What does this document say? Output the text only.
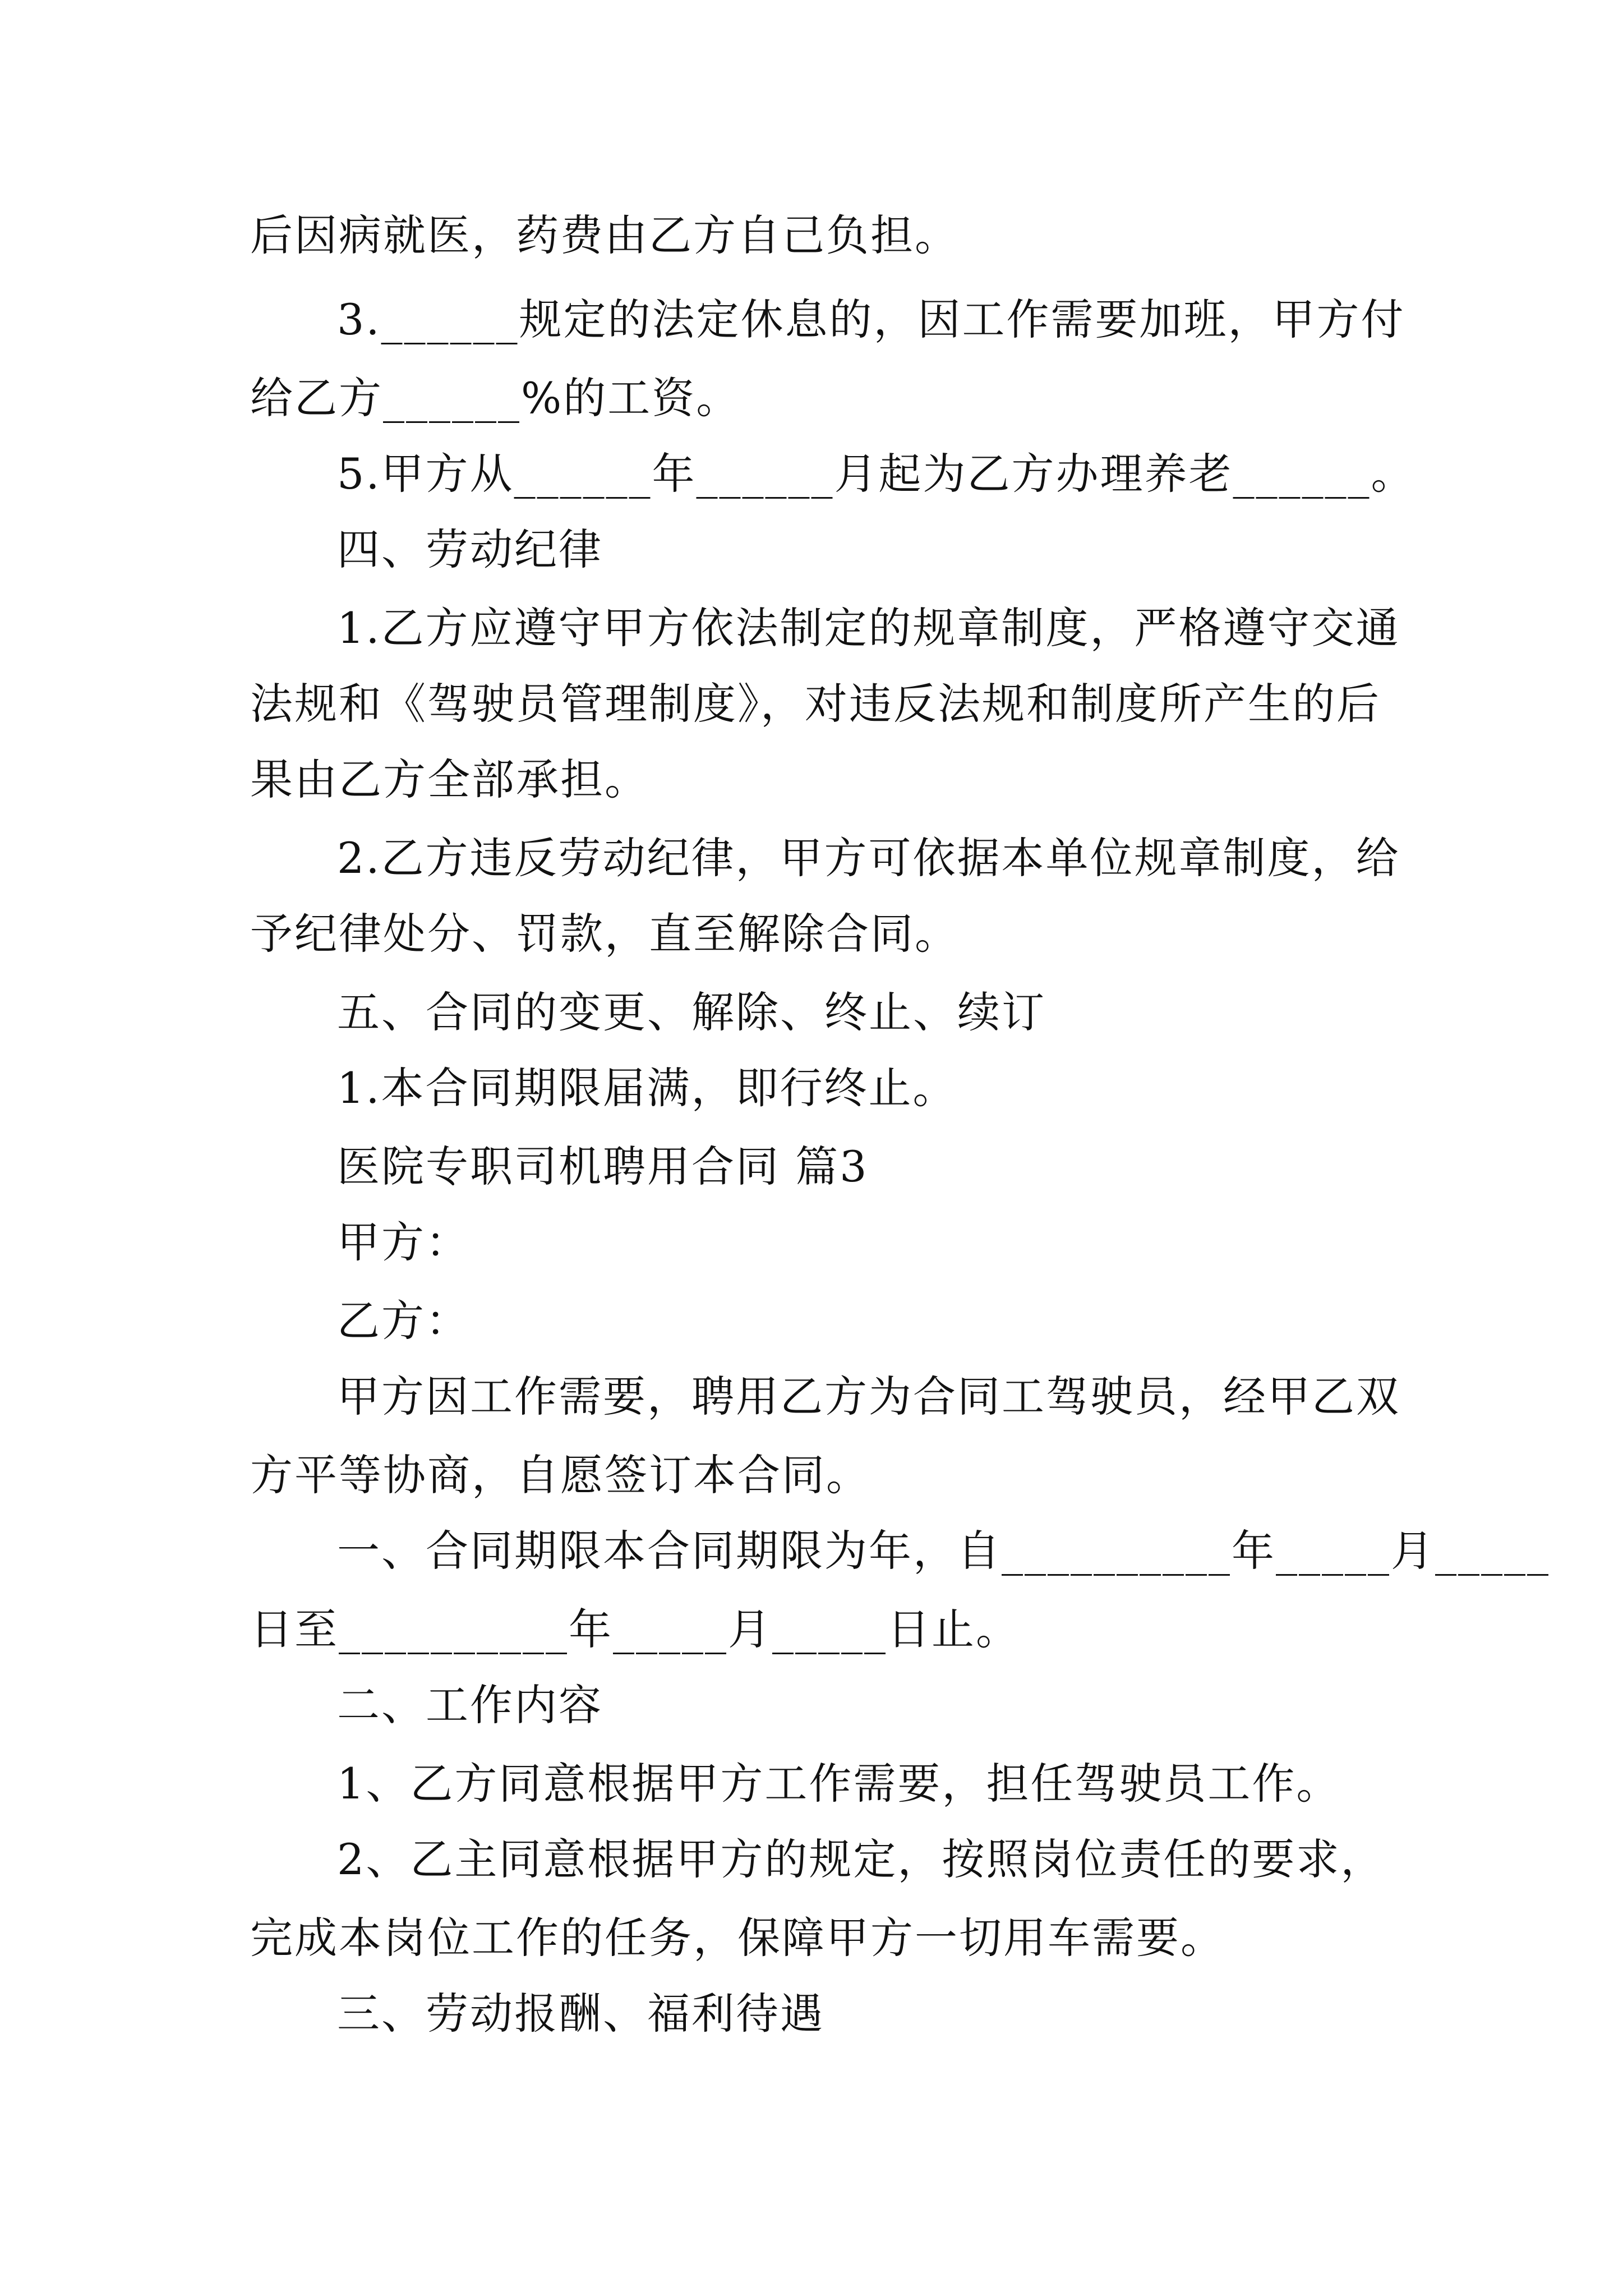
后因病就医，药费由乙方自己负担。
3.______规定的法定休息的，因工作需要加班，甲方付
给乙方______%的工资。
5.甲方从______年______月起为乙方办理养老______。
四、劳动纪律
1.乙方应遵守甲方依法制定的规章制度，严格遵守交通
法规和《驾驶员管理制度》，对违反法规和制度所产生的后
果由乙方全部承担。
2.乙方违反劳动纪律，甲方可依据本单位规章制度，给
予纪律处分、罚款，直至解除合同。
五、合同的变更、解除、终止、续订
1.本合同期限届满，即行终止。
医院专职司机聘用合同 篇3
甲方：
乙方：
甲方因工作需要，聘用乙方为合同工驾驶员，经甲乙双
方平等协商，自愿签订本合同。
一、合同期限本合同期限为年，自__________年_____月_____
日至__________年_____月_____日止。
二、工作内容
1、乙方同意根据甲方工作需要，担任驾驶员工作。
2、乙主同意根据甲方的规定，按照岗位责任的要求，
完成本岗位工作的任务，保障甲方一切用车需要。
三、劳动报酬、福利待遇
